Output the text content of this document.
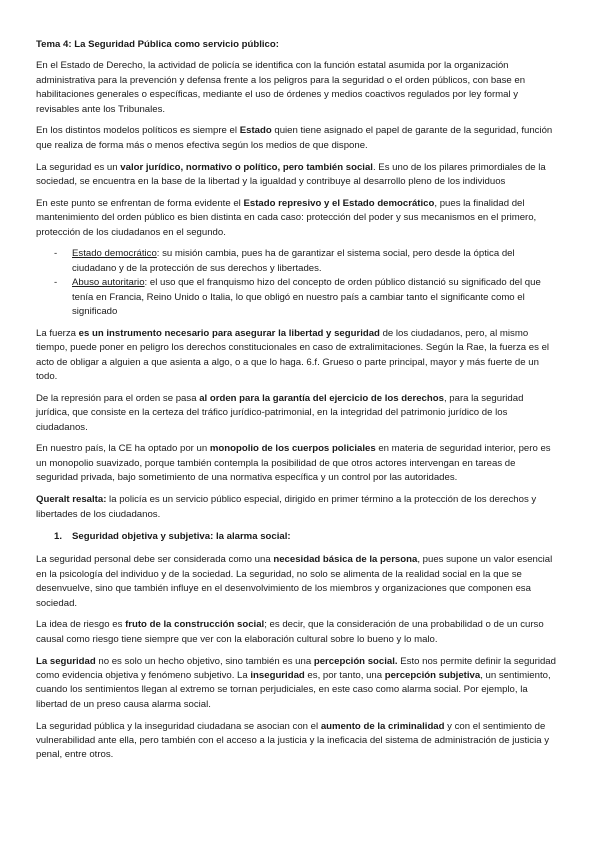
Tema 4: La Seguridad Pública como servicio público:

En el Estado de Derecho, la actividad de policía se identifica con la función estatal asumida por la organización administrativa para la prevención y defensa frente a los peligros para la seguridad o el orden públicos, con base en habilitaciones generales o específicas, mediante el uso de órdenes y medios coactivos regulados por ley formal y revisables ante los Tribunales.

En los distintos modelos políticos es siempre el Estado quien tiene asignado el papel de garante de la seguridad, función que realiza de forma más o menos efectiva según los medios de que dispone.

La seguridad es un valor jurídico, normativo o político, pero también social. Es uno de los pilares primordiales de la sociedad, se encuentra en la base de la libertad y la igualdad y contribuye al desarrollo pleno de los individuos

En este punto se enfrentan de forma evidente el Estado represivo y el Estado democrático, pues la finalidad del mantenimiento del orden público es bien distinta en cada caso: protección del poder y sus mecanismos en el primero, protección de los ciudadanos en el segundo.

- Estado democrático: su misión cambia, pues ha de garantizar el sistema social, pero desde la óptica del ciudadano y de la protección de sus derechos y libertades.
- Abuso autoritario: el uso que el franquismo hizo del concepto de orden público distanció su significado del que tenía en Francia, Reino Unido o Italia, lo que obligó en nuestro país a cambiar tanto el significante como el significado

La fuerza es un instrumento necesario para asegurar la libertad y seguridad de los ciudadanos, pero, al mismo tiempo, puede poner en peligro los derechos constitucionales en caso de extralimitaciones. Según la Rae, la fuerza es el acto de obligar a alguien a que asienta a algo, o a que lo haga. 6.f. Grueso o parte principal, mayor y más fuerte de un todo.

De la represión para el orden se pasa al orden para la garantía del ejercicio de los derechos, para la seguridad jurídica, que consiste en la certeza del tráfico jurídico-patrimonial, en la integridad del patrimonio jurídico de los ciudadanos.

En nuestro país, la CE ha optado por un monopolio de los cuerpos policiales en materia de seguridad interior, pero es un monopolio suavizado, porque también contempla la posibilidad de que otros actores intervengan en tareas de seguridad privada, bajo sometimiento de una normativa específica y un control por las autoridades.

Queralt resalta: la policía es un servicio público especial, dirigido en primer término a la protección de los derechos y libertades de los ciudadanos.

1. Seguridad objetiva y subjetiva: la alarma social:

La seguridad personal debe ser considerada como una necesidad básica de la persona, pues supone un valor esencial en la psicología del individuo y de la sociedad. La seguridad, no solo se alimenta de la realidad social en la que se desenvuelve, sino que también influye en el desenvolvimiento de los miembros y organizaciones que componen esa sociedad.

La idea de riesgo es fruto de la construcción social; es decir, que la consideración de una probabilidad o de un curso causal como riesgo tiene siempre que ver con la elaboración cultural sobre lo bueno y lo malo.

La seguridad no es solo un hecho objetivo, sino también es una percepción social. Esto nos permite definir la seguridad como evidencia objetiva y fenómeno subjetivo. La inseguridad es, por tanto, una percepción subjetiva, un sentimiento, cuando los sentimientos llegan al extremo se tornan perjudiciales, en este caso como alarma social. Por ejemplo, la libertad de un preso causa alarma social.

La seguridad pública y la inseguridad ciudadana se asocian con el aumento de la criminalidad y con el sentimiento de vulnerabilidad ante ella, pero también con el acceso a la justicia y la ineficacia del sistema de administración de justicia y penal, entre otros.
